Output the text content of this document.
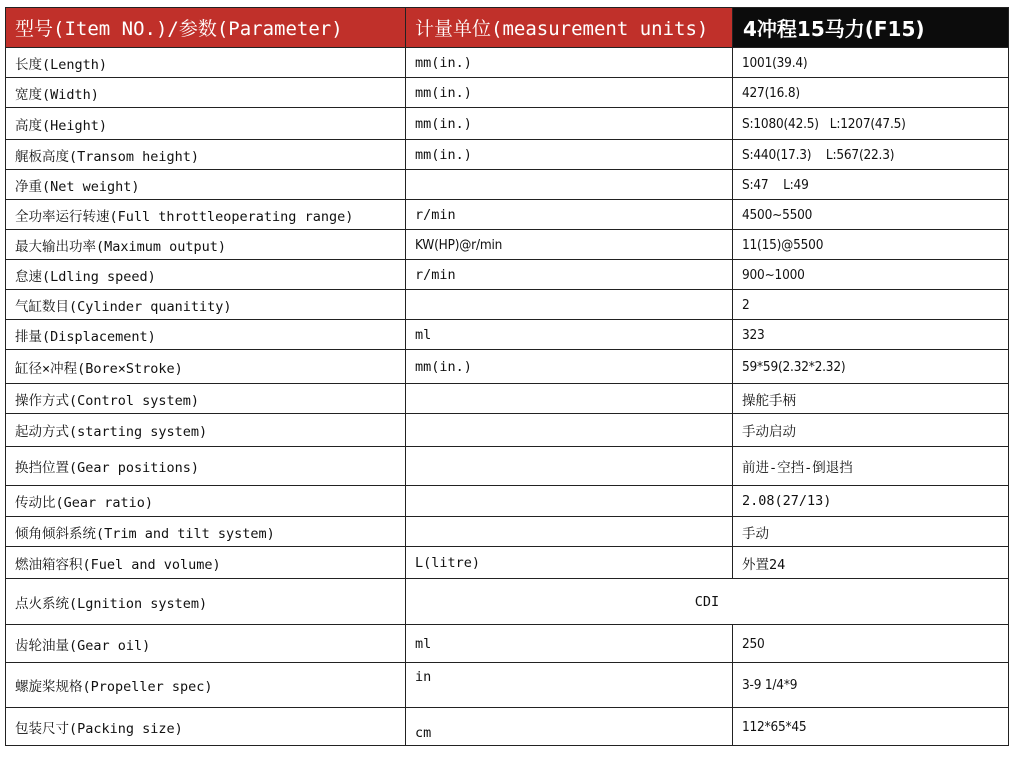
型号(Item NO.)/参数(Parameter)	计量单位(measurement units)	4冲程15马力(F15)
长度(Length)	mm(in.)	1001(39.4)
宽度(Width)	mm(in.)	427(16.8)
高度(Height)	mm(in.)	S:1080(42.5)   L:1207(47.5)
艉板高度(Transom height)	mm(in.)	S:440(17.3)    L:567(22.3)
净重(Net weight)		S:47    L:49
全功率运行转速(Full throttleoperating range)	r/min	4500~5500
最大输出功率(Maximum output)	KW(HP)@r/min	11(15)@5500
怠速(Ldling speed)	r/min	900~1000
气缸数目(Cylinder quanitity)		2
排量(Displacement)	ml	323
缸径×冲程(Bore×Stroke)	mm(in.)	59*59(2.32*2.32)
操作方式(Control system)		操舵手柄
起动方式(starting system)		手动启动
换挡位置(Gear positions)		前进-空挡-倒退挡
传动比(Gear ratio)		2.08(27/13)
倾角倾斜系统(Trim and tilt system)		手动
燃油箱容积(Fuel and volume)	L(litre)	外置24
点火系统(Lgnition system)	CDI	
齿轮油量(Gear oil)	ml	250
螺旋桨规格(Propeller spec)	in	3-9 1/4*9
包装尺寸(Packing size)	cm	112*65*45
